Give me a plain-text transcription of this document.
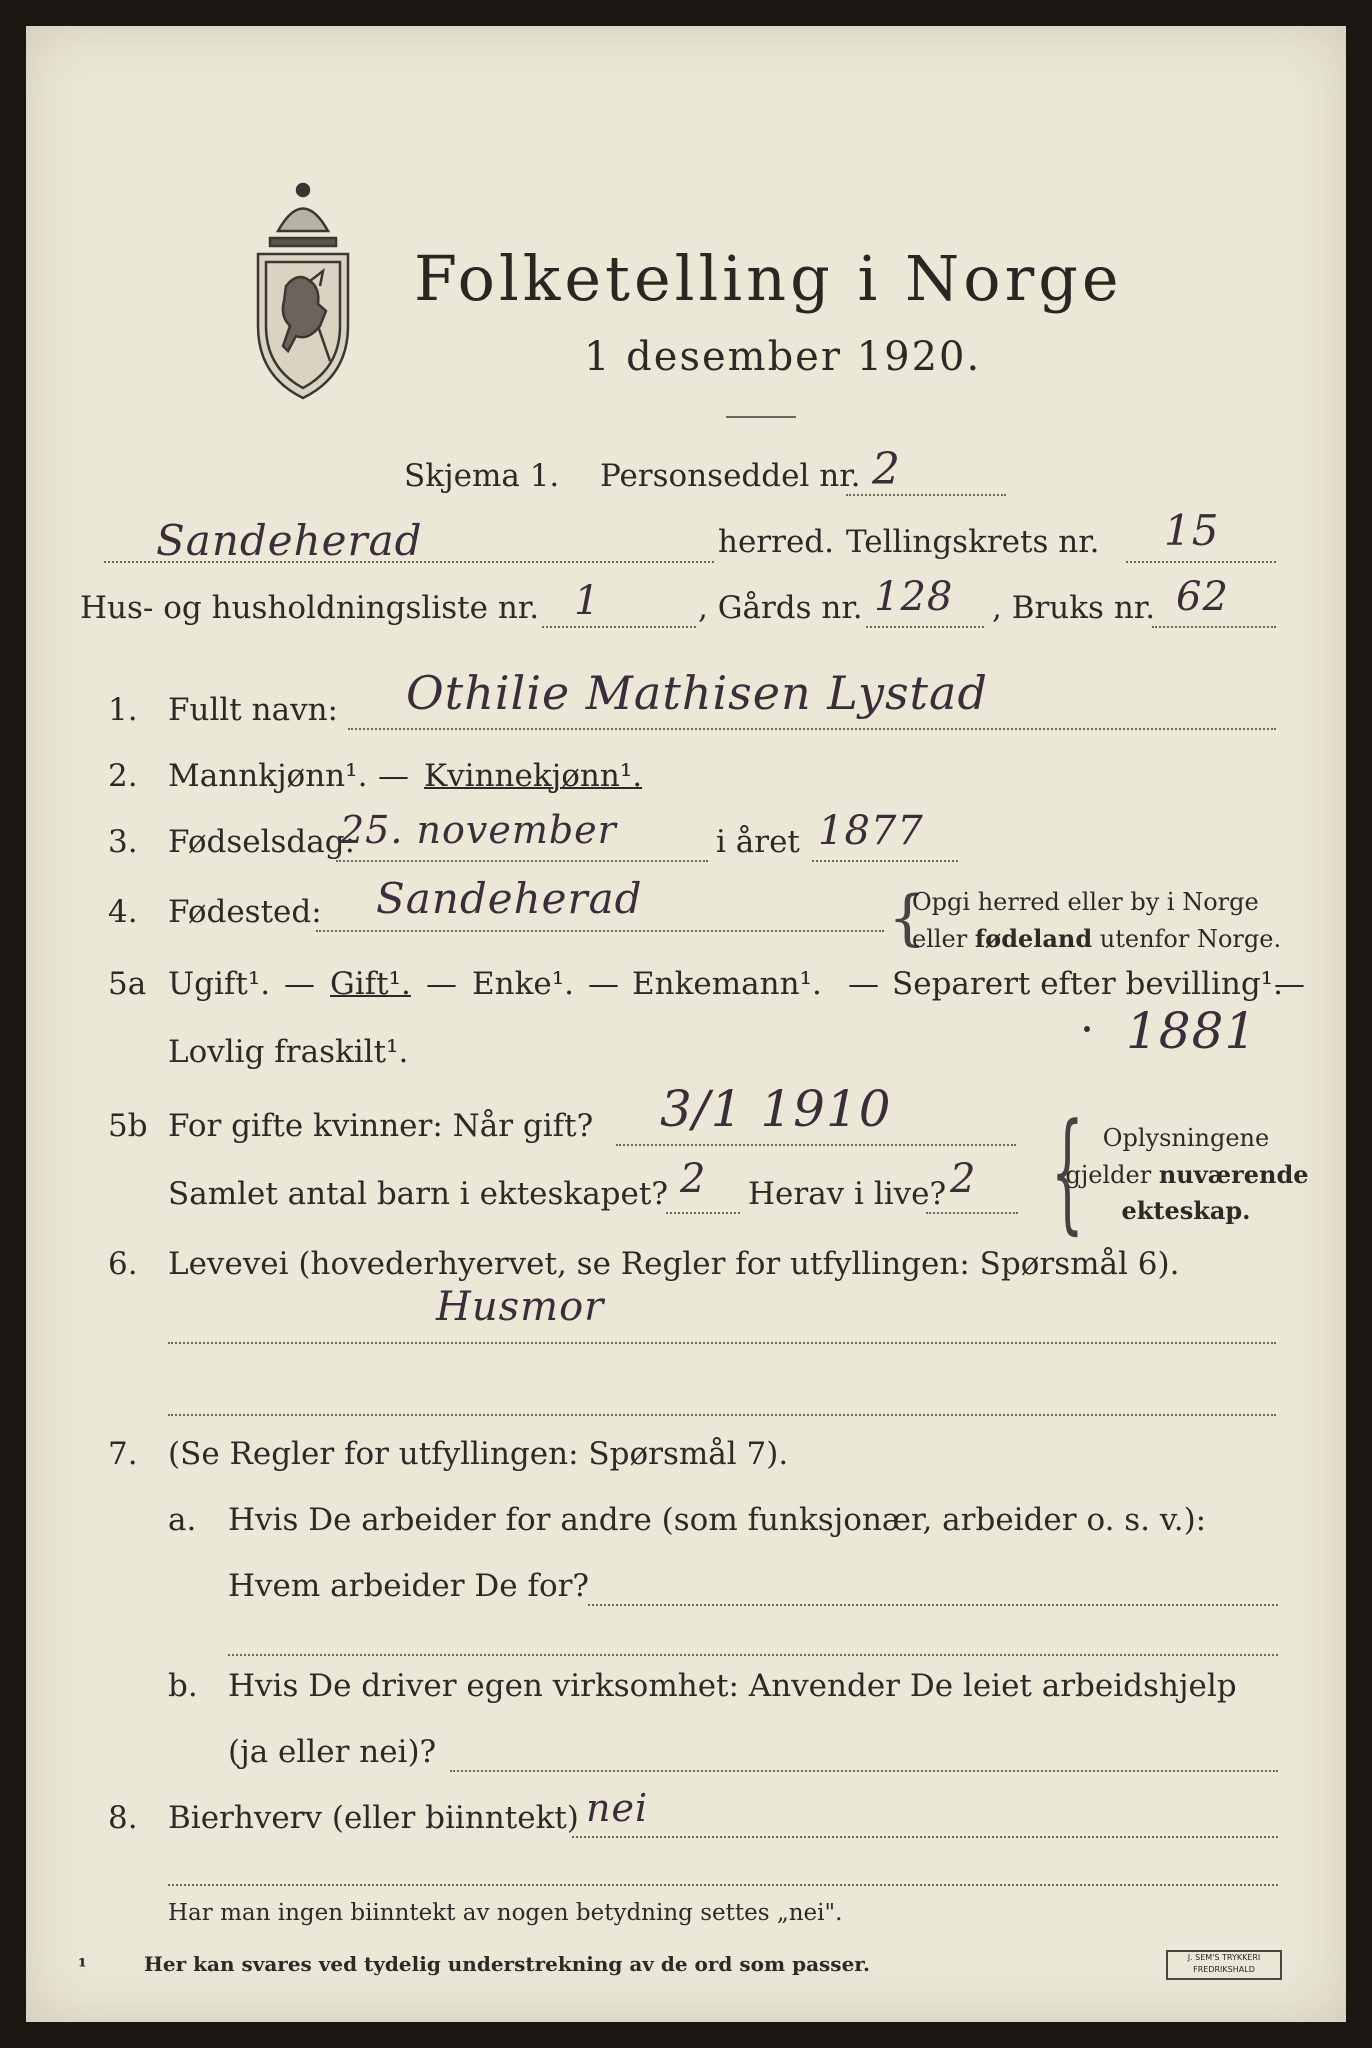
Folketelling i Norge
1 desember 1920.
Skjema 1. Personseddel nr. 2
Sandeherad	herred. Tellingskrets nr. 15
Hus- og husholdningsliste nr. 1	, Gårds nr. 128 , Bruks nr. 62
1. Fullt navn: Othilie Mathisen Lystad
2. Mannkjønn¹. — Kvinnekjønn¹.
3. Fødselsdag:
25. november	i året 1877
4. Fødested: Sandeherad	{
Opgi herred eller by i Norge
eller fødeland utenfor Norge.
5a Ugift¹. — Gift¹. — Enke¹. — Enkemann¹. — Separert efter bevilling¹.
—
Lovlig fraskilt¹.	1881
5b For gifte kvinner: Når gift? 3/1 1910
Samlet antal barn i ekteskapet? 2 Herav i live? 2 { Oplysningene
gjelder nuværende
ekteskap.
6. Levevei (hovederhyervet, se Regler for utfyllingen: Spørsmål 6).
Husmor
7. (Se Regler for utfyllingen: Spørsmål 7).
a. Hvis De arbeider for andre (som funksjonær, arbeider o. s. v.):
Hvem arbeider De for?
b. Hvis De driver egen virksomhet: Anvender De leiet arbeidshjelp
(ja eller nei)?
8. Bierhverv (eller biinntekt) nei
Har man ingen biinntekt av nogen betydning settes „nei".
¹	Her kan svares ved tydelig understrekning av de ord som passer.	J. SEM'S TRYKKERI
FREDRIKSHALD
